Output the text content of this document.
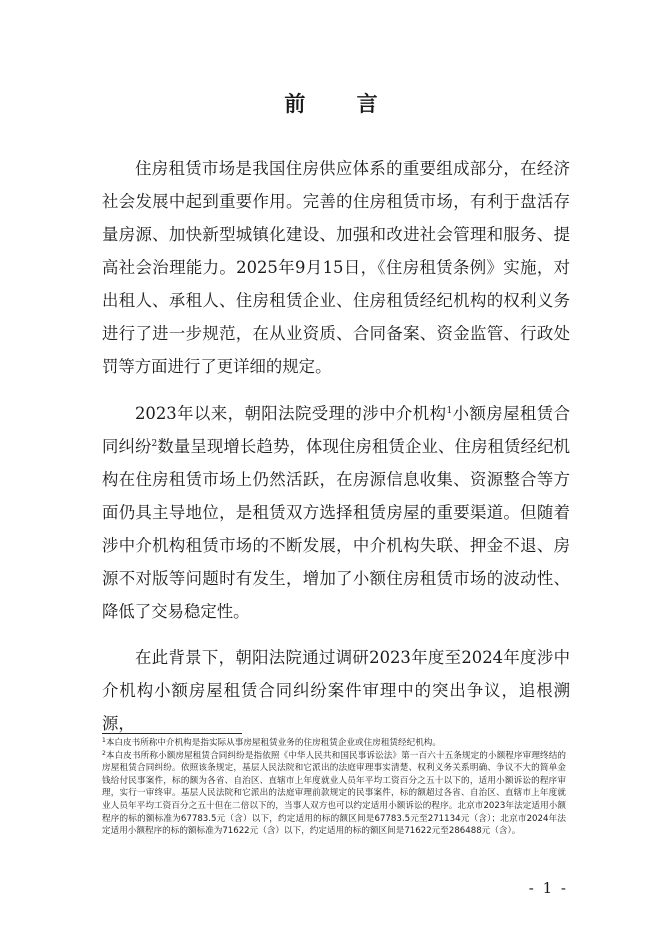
前 言

住房租赁市场是我国住房供应体系的重要组成部分，在经济社会发展中起到重要作用。完善的住房租赁市场，有利于盘活存量房源、加快新型城镇化建设、加强和改进社会管理和服务、提高社会治理能力。2025年9月15日，《住房租赁条例》实施，对出租人、承租人、住房租赁企业、住房租赁经纪机构的权利义务进行了进一步规范，在从业资质、合同备案、资金监管、行政处罚等方面进行了更详细的规定。

2023年以来，朝阳法院受理的涉中介机构$^1$小额房屋租赁合同纠纷$^2$数量呈现增长趋势，体现住房租赁企业、住房租赁经纪机构在住房租赁市场上仍然活跃，在房源信息收集、资源整合等方面仍具主导地位，是租赁双方选择租赁房屋的重要渠道。但随着涉中介机构租赁市场的不断发展，中介机构失联、押金不退、房源不对版等问题时有发生，增加了小额住房租赁市场的波动性、降低了交易稳定性。

在此背景下，朝阳法院通过调研2023年度至2024年度涉中介机构小额房屋租赁合同纠纷案件审理中的突出争议，追根溯源，

$^1$本白皮书所称中介机构是指实际从事房屋租赁业务的住房租赁企业或住房租赁经纪机构。

$^2$本白皮书所称小额房屋租赁合同纠纷是指依照《中华人民共和国民事诉讼法》第一百六十五条规定的小额程序审理终结的房屋租赁合同纠纷。依照该条规定，基层人民法院和它派出的法庭审理事实清楚、权利义务关系明确、争议不大的简单金钱给付民事案件，标的额为各省、自治区、直辖市上年度就业人员年平均工资百分之五十以下的，适用小额诉讼的程序审理，实行一审终审。基层人民法院和它派出的法庭审理前款规定的民事案件，标的额超过各省、自治区、直辖市上年度就业人员年平均工资百分之五十但在二倍以下的，当事人双方也可以约定适用小额诉讼的程序。北京市2023年法定适用小额程序的标的额标准为67783.5元（含）以下，约定适用的标的额区间是67783.5元至271134元（含）；北京市2024年法定适用小额程序的标的额标准为71622元（含）以下，约定适用的标的额区间是71622元至286488元（含）。

- 1 -
